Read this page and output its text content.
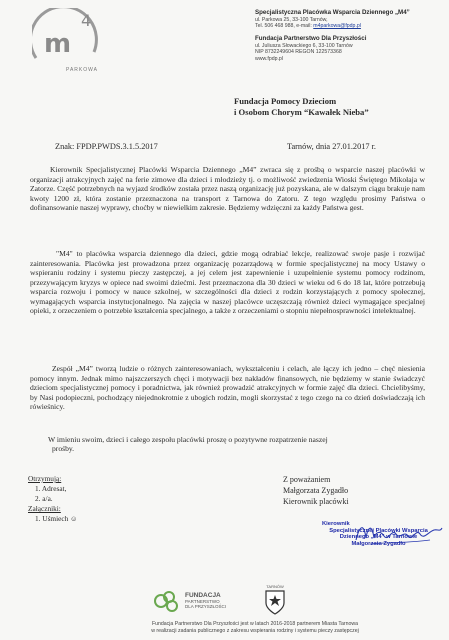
m
4
PARKOWA
Specjalistyczna Placówka Wsparcia Dziennego „M4”
ul. Parkowa 25, 33-100 Tarnów,
Tel. 506 468 988, e-mail: m4parkowa@fpdp.pl
Fundacja Partnerstwo Dla Przyszłości
ul. Juliusza Słowackiego 6, 33-100 Tarnów
NIP 8732249604 REGON 122573368
www.fpdp.pl
Fundacja Pomocy Dzieciom
i Osobom Chorym “Kawałek Nieba”
Znak: FPDP.PWDS.3.1.5.2017	Tarnów, dnia 27.01.2017 r.
Kierownik Specjalistycznej Placówki Wsparcia Dziennego „M4” zwraca się z prośbą o wsparcie naszej placówki w organizacji atrakcyjnych zajęć na ferie zimowe dla dzieci i młodzieży tj. o możliwość zwiedzenia Wioski Świętego Mikołaja w Zatorze. Część potrzebnych na wyjazd środków została przez naszą organizację już pozyskana, ale w dalszym ciągu brakuje nam kwoty 1200 zł, która zostanie przeznaczona na transport z Tarnowa do Zatoru. Z tego względu prosimy Państwa o dofinansowanie naszej wyprawy, choćby w niewielkim zakresie. Będziemy wdzięczni za każdy Państwa gest.
"M4" to placówka wsparcia dziennego dla dzieci, gdzie mogą odrabiać lekcje, realizować swoje pasje i rozwijać zainteresowania. Placówka jest prowadzona przez organizację pozarządową w formie specjalistycznej na mocy Ustawy o wspieraniu rodziny i systemu pieczy zastępczej, a jej celem jest zapewnienie i uzupełnienie systemu pomocy rodzinom, przezywającym kryzys w opiece nad swoimi dziećmi. Jest przeznaczona dla 30 dzieci w wieku od 6 do 18 lat, które potrzebują wsparcia rozwoju i pomocy w nauce szkolnej, w szczególności dla dzieci z rodzin korzystających z pomocy społecznej, wymagających wsparcia instytucjonalnego. Na zajęcia w naszej placówce uczęszczają również dzieci wymagające specjalnej opieki, z orzeczeniem o potrzebie kształcenia specjalnego, a także z orzeczeniami o stopniu niepełnosprawności intelektualnej.
Zespół „M4” tworzą ludzie o różnych zainteresowaniach, wykształceniu i celach, ale łączy ich jedno – chęć niesienia pomocy innym. Jednak mimo najszczerszych chęci i motywacji bez nakładów finansowych, nie będziemy w stanie świadczyć dzieciom specjalistycznej pomocy i poradnictwa, jak również prowadzić atrakcyjnych w formie zajęć dla dzieci. Chcielibyśmy, by Nasi podopieczni, pochodzący niejednokrotnie z ubogich rodzin, mogli skorzystać z tego czego na co dzień doświadczają ich rówieśnicy.
W imieniu swoim, dzieci i całego zespołu placówki proszę o pozytywne rozpatrzenie naszej
prośby.
Z poważaniem
Małgorzata Zygadło
Kierownik placówki
Otrzymują:
1. Adresat,
2. a/a.
Załączniki:
1. Uśmiech ☺
Kierownik
Specjalistycznej Placówki Wsparcia
Dziennego „M4” w Tarnowie
Małgorzata Zygadło
FUNDACJA
PARTNERSTWO
DLA PRZYSZŁOŚCI
TARNÓW
Fundacja Partnerstwo Dla Przyszłości jest w latach 2016-2018 partnerem Miasta Tarnowa
w realizacji zadania publicznego z zakresu wspierania rodziny i systemu pieczy zastępczej
